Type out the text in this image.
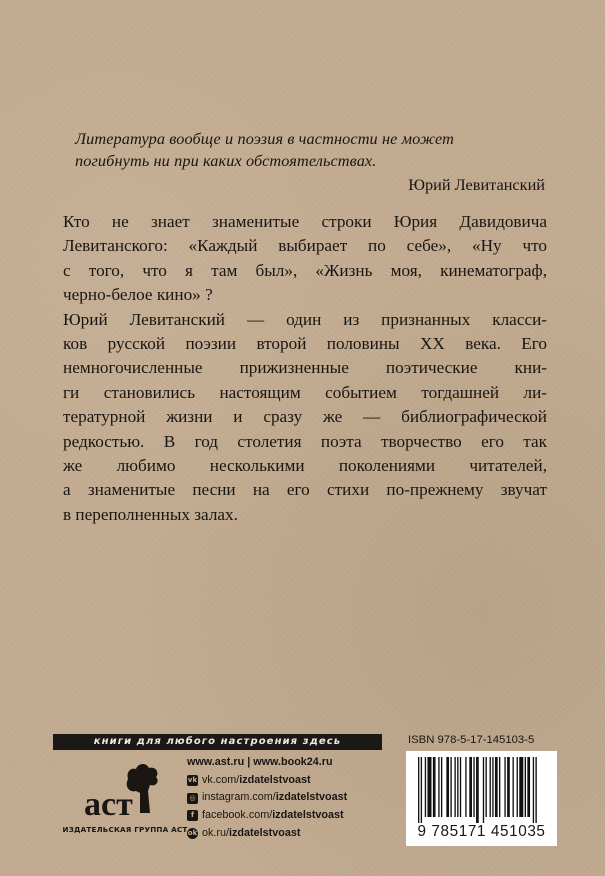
Литература вообще и поэзия в частности не может
погибнуть ни при каких обстоятельствах.

Юрий Левитанский
Кто не знает знаменитые строки Юрия Давидовича
Левитанского: «Каждый выбирает по себе», «Ну что
с того, что я там был», «Жизнь моя, кинематограф,
черно-белое кино» ?
Юрий Левитанский — один из признанных класси-
ков русской поэзии второй половины XX века. Его
немногочисленные прижизненные поэтические кни-
ги становились настоящим событием тогдашней ли-
тературной жизни и сразу же — библиографической
редкостью. В год столетия поэта творчество его так
же любимо несколькими поколениями читателей,
а знаменитые песни на его стихи по-прежнему звучат
в переполненных залах.
книги для любого настроения здесь
аст
ИЗДАТЕЛЬСКАЯ ГРУППА АСТ
www.ast.ru | www.book24.ru
vk vk.com/izdatelstvoast
◎ instagram.com/izdatelstvoast
f facebook.com/izdatelstvoast
ok ok.ru/izdatelstvoast
ISBN 978-5-17-145103-5
9 785171 451035
